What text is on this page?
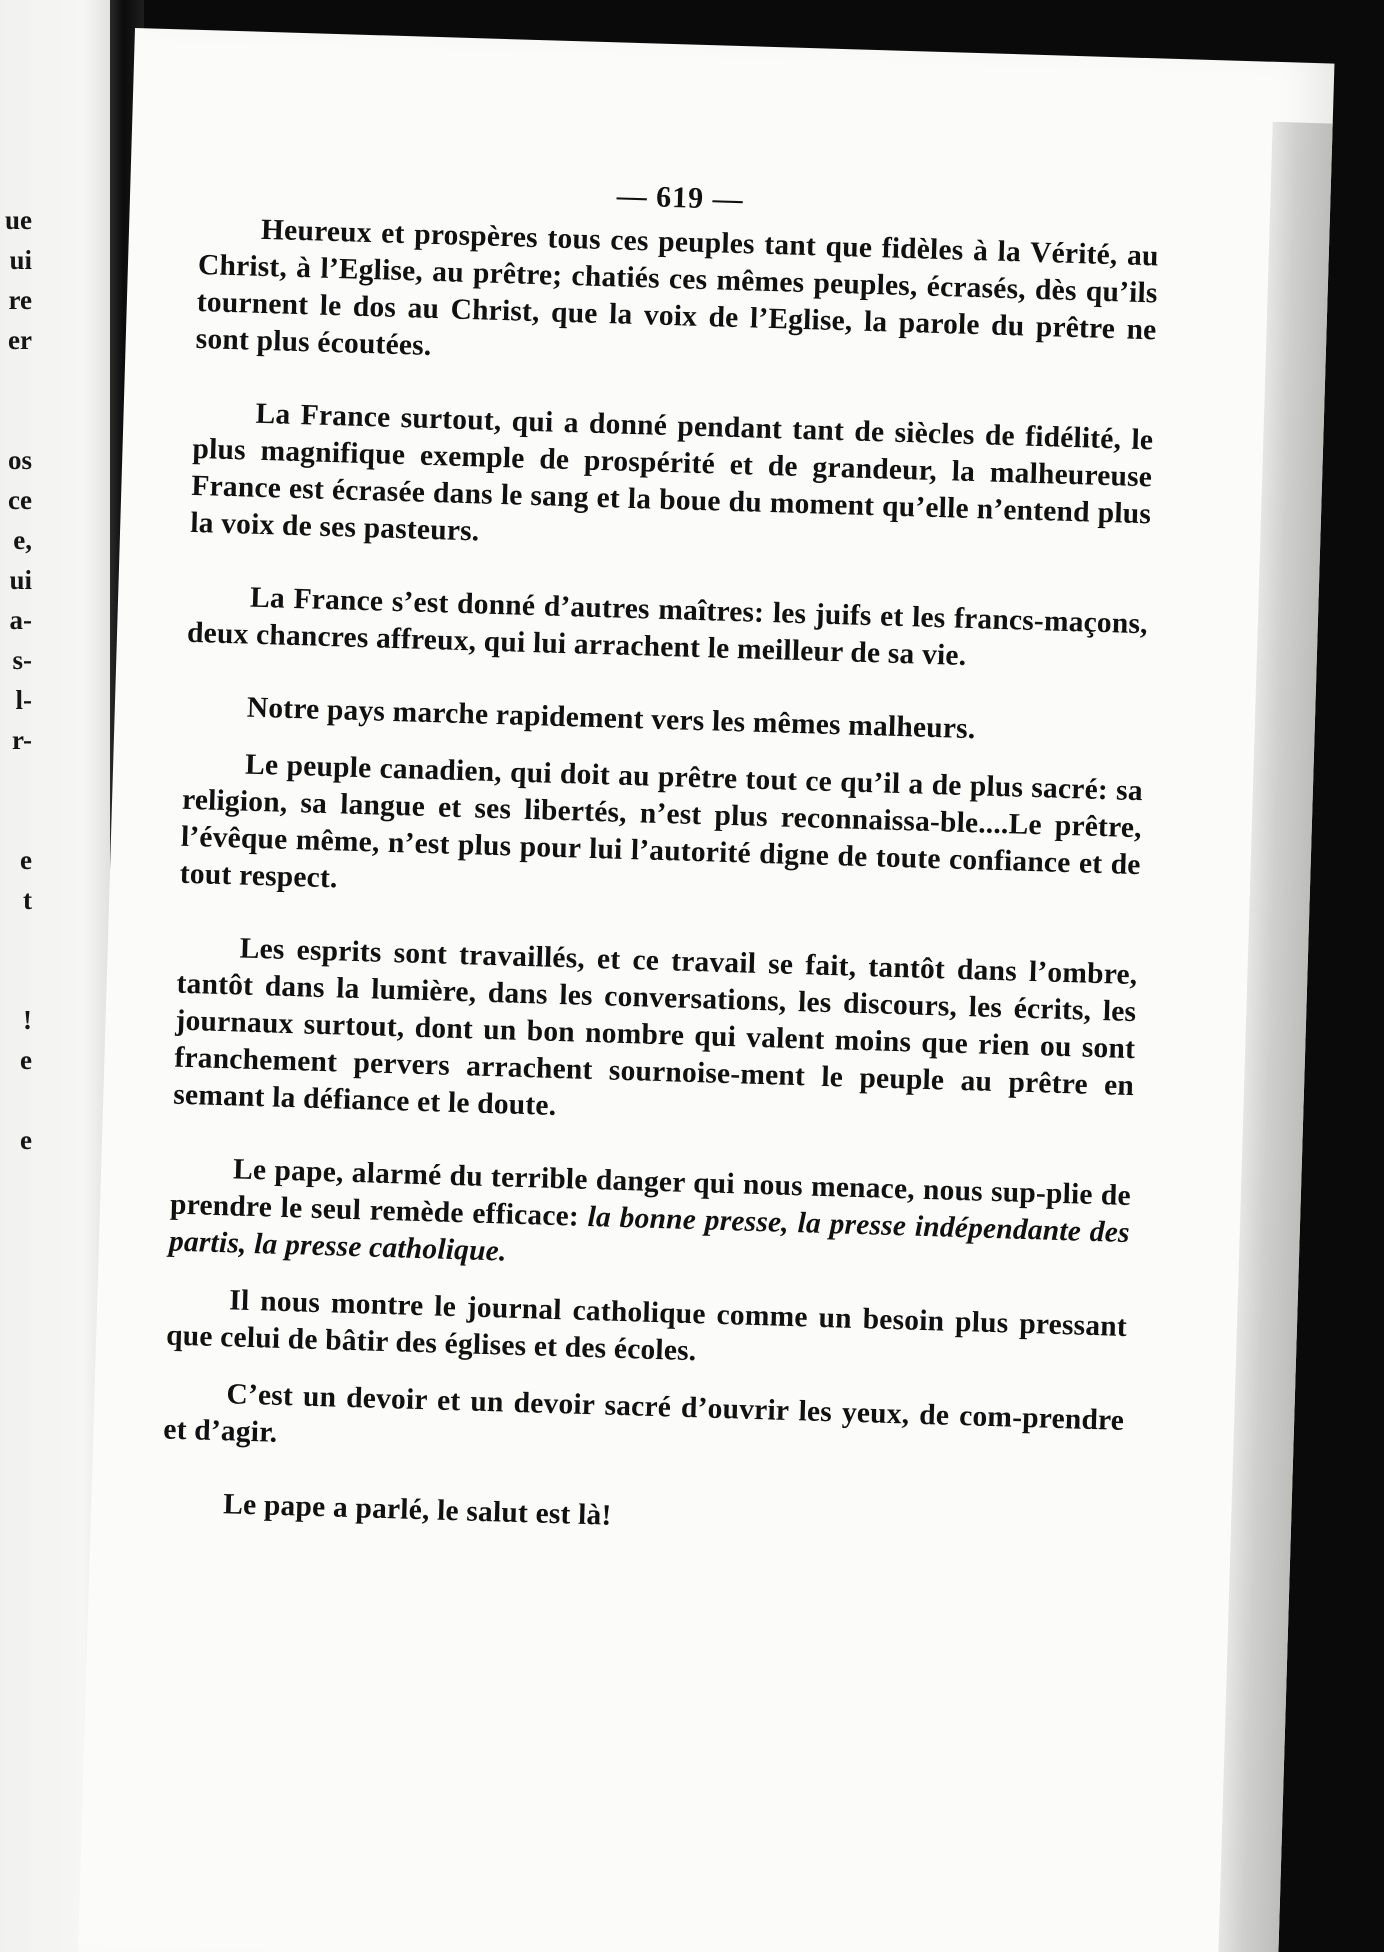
ue
ui
re
er
os
ce
e,
ui
a-
s-
l-
r-
e
t
!
e
e
— 619 —

Heureux et prospères tous ces peuples tant que fidèles à la Vérité, au Christ, à l’Eglise, au prêtre; chatiés ces mêmes peuples, écrasés, dès qu’ils tournent le dos au Christ, que la voix de l’Eglise, la parole du prêtre ne sont plus écoutées.

La France surtout, qui a donné pendant tant de siècles de fidélité, le plus magnifique exemple de prospérité et de grandeur, la malheureuse France est écrasée dans le sang et la boue du moment qu’elle n’entend plus la voix de ses pasteurs.

La France s’est donné d’autres maîtres: les juifs et les francs-maçons, deux chancres affreux, qui lui arrachent le meilleur de sa vie.

Notre pays marche rapidement vers les mêmes malheurs.

Le peuple canadien, qui doit au prêtre tout ce qu’il a de plus sacré: sa religion, sa langue et ses libertés, n’est plus reconnaissa-ble....Le prêtre, l’évêque même, n’est plus pour lui l’autorité digne de toute confiance et de tout respect.

Les esprits sont travaillés, et ce travail se fait, tantôt dans l’ombre, tantôt dans la lumière, dans les conversations, les discours, les écrits, les journaux surtout, dont un bon nombre qui valent moins que rien ou sont franchement pervers arrachent sournoise-ment le peuple au prêtre en semant la défiance et le doute.

Le pape, alarmé du terrible danger qui nous menace, nous sup-plie de prendre le seul remède efficace: la bonne presse, la presse indépendante des partis, la presse catholique.

Il nous montre le journal catholique comme un besoin plus pressant que celui de bâtir des églises et des écoles.

C’est un devoir et un devoir sacré d’ouvrir les yeux, de com-prendre et d’agir.

Le pape a parlé, le salut est là!
